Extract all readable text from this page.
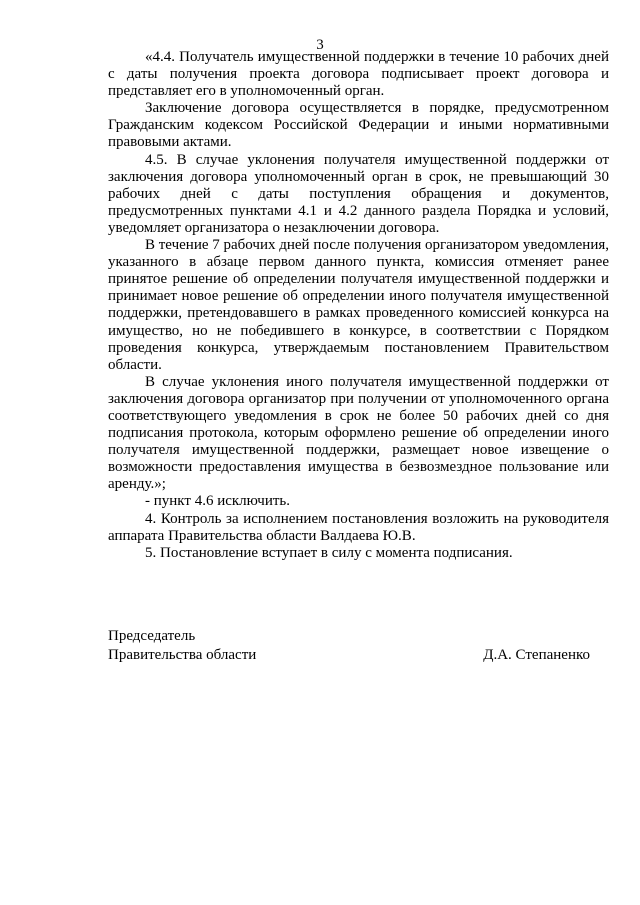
3

«4.4. Получатель имущественной поддержки в течение 10 рабочих дней с даты получения проекта договора подписывает проект договора и представляет его в уполномоченный орган.

Заключение договора осуществляется в порядке, предусмотренном Гражданским кодексом Российской Федерации и иными нормативными правовыми актами.

4.5. В случае уклонения получателя имущественной поддержки от заключения договора уполномоченный орган в срок, не превышающий 30 рабочих дней с даты поступления обращения и документов, предусмотренных пунктами 4.1 и 4.2 данного раздела Порядка и условий, уведомляет организатора о незаключении договора.

В течение 7 рабочих дней после получения организатором уведомления, указанного в абзаце первом данного пункта, комиссия отменяет ранее принятое решение об определении получателя имущественной поддержки и принимает новое решение об определении иного получателя имущественной поддержки, претендовавшего в рамках проведенного комиссией конкурса на имущество, но не победившего в конкурсе, в соответствии с Порядком проведения конкурса, утверждаемым постановлением Правительством области.

В случае уклонения иного получателя имущественной поддержки от заключения договора организатор при получении от уполномоченного органа соответствующего уведомления в срок не более 50 рабочих дней со дня подписания протокола, которым оформлено решение об определении иного получателя имущественной поддержки, размещает новое извещение о возможности предоставления имущества в безвозмездное пользование или аренду.»;

- пункт 4.6 исключить.

4. Контроль за исполнением постановления возложить на руководителя аппарата Правительства области Валдаева Ю.В.

5. Постановление вступает в силу с момента подписания.

Председатель
Правительства области	Д.А. Степаненко
